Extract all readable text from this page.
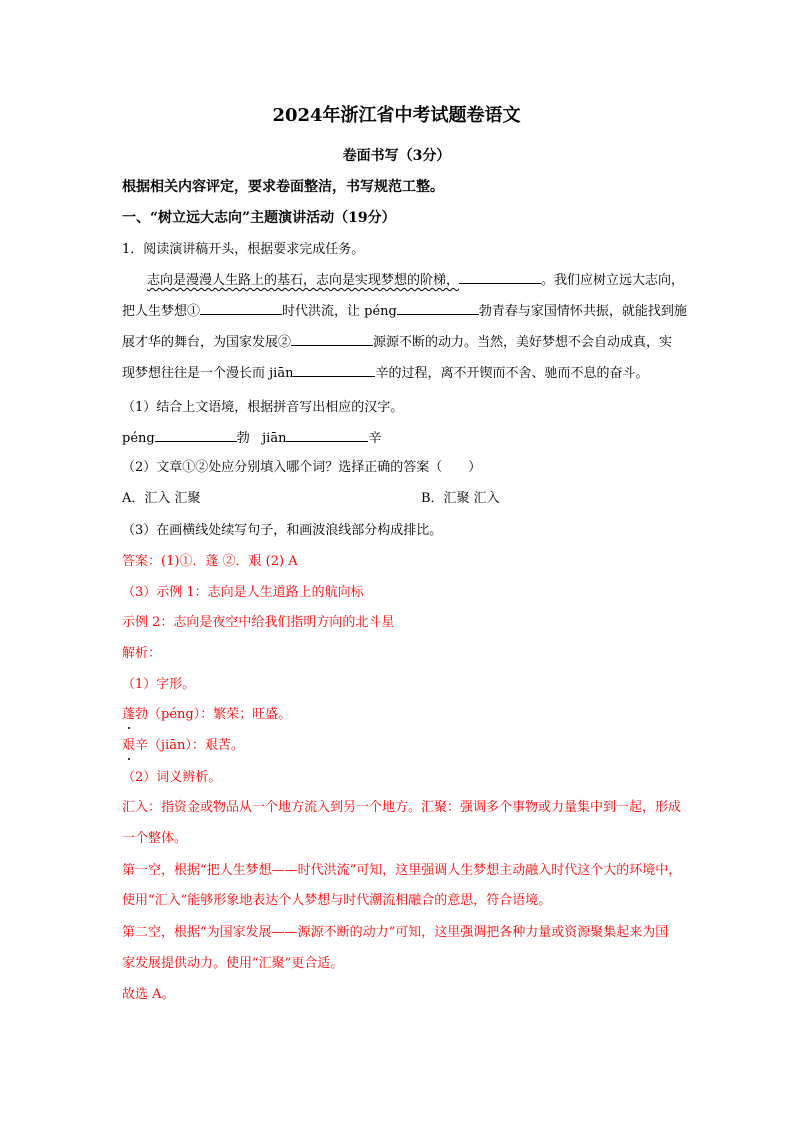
2024年浙江省中考试题卷语文
卷面书写（3分）
根据相关内容评定，要求卷面整洁，书写规范工整。
一、“树立远大志向”主题演讲活动（19分）
1．阅读演讲稿开头，根据要求完成任务。
志向是漫漫人生路上的基石，志向是实现梦想的阶梯，	。我们应树立远大志向，
把人生梦想①	时代洪流，让 péng	勃青春与家国情怀共振，就能找到施
展才华的舞台，为国家发展②	源源不断的动力。当然，美好梦想不会自动成真，实
现梦想往往是一个漫长而 jiān	辛的过程，离不开锲而不舍、驰而不息的奋斗。
（1）结合上文语境，根据拼音写出相应的汉字。
péng	勃 jiān	辛
（2）文章①②处应分别填入哪个词？选择正确的答案（ ）
A．汇入 汇聚	B．汇聚 汇入
（3）在画横线处续写句子，和画波浪线部分构成排比。
答案：(1)①．蓬 ②．艰 (2) A
（3）示例 1：志向是人生道路上的航向标
示例 2：志向是夜空中给我们指明方向的北斗星
解析：
（1）字形。
蓬勃（péng）：繁荣；旺盛。
艰辛（jiān）：艰苦。
（2）词义辨析。
汇入：指资金或物品从一个地方流入到另一个地方。汇聚：强调多个事物或力量集中到一起，形成
一个整体。
第一空，根据“把人生梦想——时代洪流”可知，这里强调人生梦想主动融入时代这个大的环境中，
使用“汇入”能够形象地表达个人梦想与时代潮流相融合的意思，符合语境。
第二空，根据“为国家发展——源源不断的动力”可知，这里强调把各种力量或资源聚集起来为国
家发展提供动力。使用“汇聚”更合适。
故选 A。
